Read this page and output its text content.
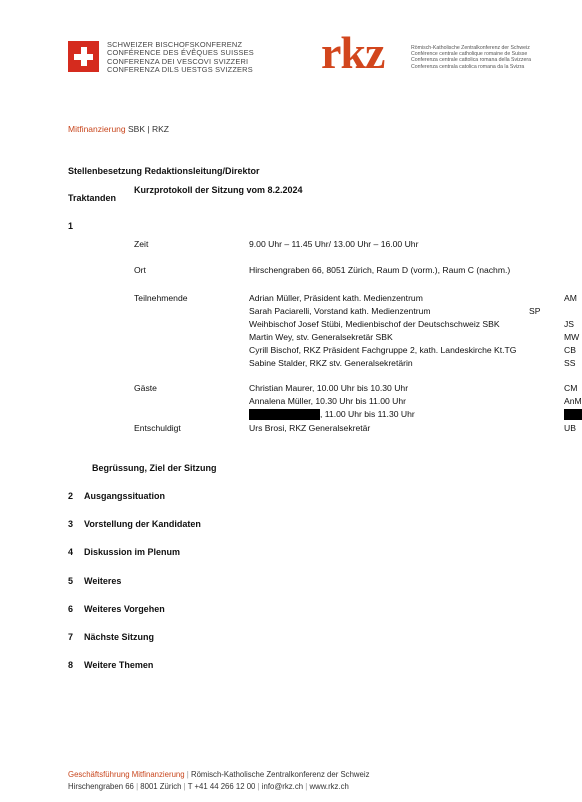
SCHWEIZER BISCHOFSKONFERENZ
CONFÉRENCE DES ÉVÊQUES SUISSES
CONFERENZA DEI VESCOVI SVIZZERI
CONFERENZA DILS UESTGS SVIZZERS rkz	Römisch-Katholische Zentralkonferenz der Schweiz
Conférence centrale catholique romaine de Suisse
Conferenza centrale cattolica romana della Svizzera
Conferenza centrala catolica romana da la Svizra
Mitfinanzierung SBK | RKZ
Stellenbesetzung Redaktionsleitung/Direktor
Kurzprotokoll der Sitzung vom 8.2.2024
Traktanden
1
Zeit	9.00 Uhr – 11.45 Uhr/ 13.00 Uhr – 16.00 Uhr
Ort	Hirschengraben 66, 8051 Zürich, Raum D (vorm.), Raum C (nachm.)
Teilnehmende	Adrian Müller, Präsident kath. Medienzentrum	AM
Sarah Paciarelli, Vorstand kath. Medienzentrum	SP
Weihbischof Josef Stübi, Medienbischof der Deutschschweiz SBK	JS
Martin Wey, stv. Generalsekretär SBK	MW
Cyrill Bischof, RKZ Präsident Fachgruppe 2, kath. Landeskirche Kt.TG	CB
Sabine Stalder, RKZ stv. Generalsekretärin	SS
Gäste	Christian Maurer, 10.00 Uhr bis 10.30 Uhr	CM
Annalena Müller, 10.30 Uhr bis 11.00 Uhr	AnM
, 11.00 Uhr bis 11.30 Uhr
Entschuldigt	Urs Brosi, RKZ Generalsekretär	UB
Begrüssung, Ziel der Sitzung
2 Ausgangssituation
3 Vorstellung der Kandidaten
4 Diskussion im Plenum
5 Weiteres
6 Weiteres Vorgehen
7 Nächste Sitzung
8 Weitere Themen
Geschäftsführung Mitfinanzierung | Römisch-Katholische Zentralkonferenz der Schweiz
Hirschengraben 66 | 8001 Zürich | T +41 44 266 12 00 | info@rkz.ch | www.rkz.ch
